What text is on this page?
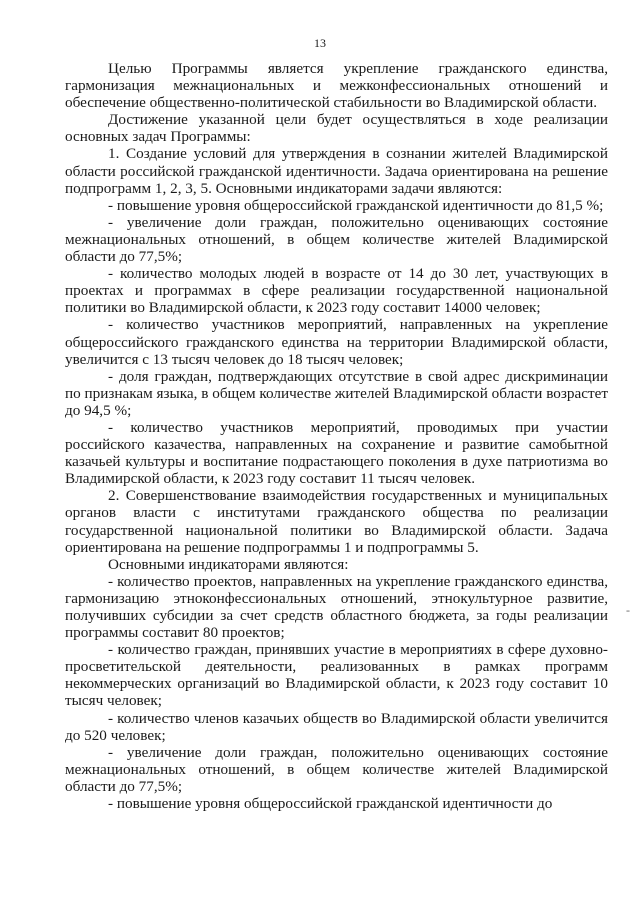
13

Целью Программы является укрепление гражданского единства, гармонизация межнациональных и межконфессиональных отношений и обеспечение общественно-политической стабильности во Владимирской области.

Достижение указанной цели будет осуществляться в ходе реализации основных задач Программы:

1. Создание условий для утверждения в сознании жителей Владимирской области российской гражданской идентичности. Задача ориентирована на решение подпрограмм 1, 2, 3, 5. Основными индикаторами задачи являются:

- повышение уровня общероссийской гражданской идентичности до 81,5 %;

- увеличение доли граждан, положительно оценивающих состояние межнациональных отношений, в общем количестве жителей Владимирской области до 77,5%;

- количество молодых людей в возрасте от 14 до 30 лет, участвующих в проектах и программах в сфере реализации государственной национальной политики во Владимирской области, к 2023 году составит 14000 человек;

- количество участников мероприятий, направленных на укрепление общероссийского гражданского единства на территории Владимирской области, увеличится с 13 тысяч человек до 18 тысяч человек;

- доля граждан, подтверждающих отсутствие в свой адрес дискриминации по признакам языка, в общем количестве жителей Владимирской области возрастет до 94,5 %;

- количество участников мероприятий, проводимых при участии российского казачества, направленных на сохранение и развитие самобытной казачьей культуры и воспитание подрастающего поколения в духе патриотизма во Владимирской области, к 2023 году составит 11 тысяч человек.

2. Совершенствование взаимодействия государственных и муниципальных органов власти с институтами гражданского общества по реализации государственной национальной политики во Владимирской области. Задача ориентирована на решение подпрограммы 1 и подпрограммы 5.

Основными индикаторами являются:

- количество проектов, направленных на укрепление гражданского единства, гармонизацию этноконфессиональных отношений, этнокультурное развитие, получивших субсидии за счет средств областного бюджета, за годы реализации программы составит 80 проектов;

- количество граждан, принявших участие в мероприятиях в сфере духовно-просветительской деятельности, реализованных в рамках программ некоммерческих организаций во Владимирской области, к 2023 году составит 10 тысяч человек;

- количество членов казачьих обществ во Владимирской области увеличится до 520 человек;

- увеличение доли граждан, положительно оценивающих состояние межнациональных отношений, в общем количестве жителей Владимирской области до 77,5%;

- повышение уровня общероссийской гражданской идентичности до

-
